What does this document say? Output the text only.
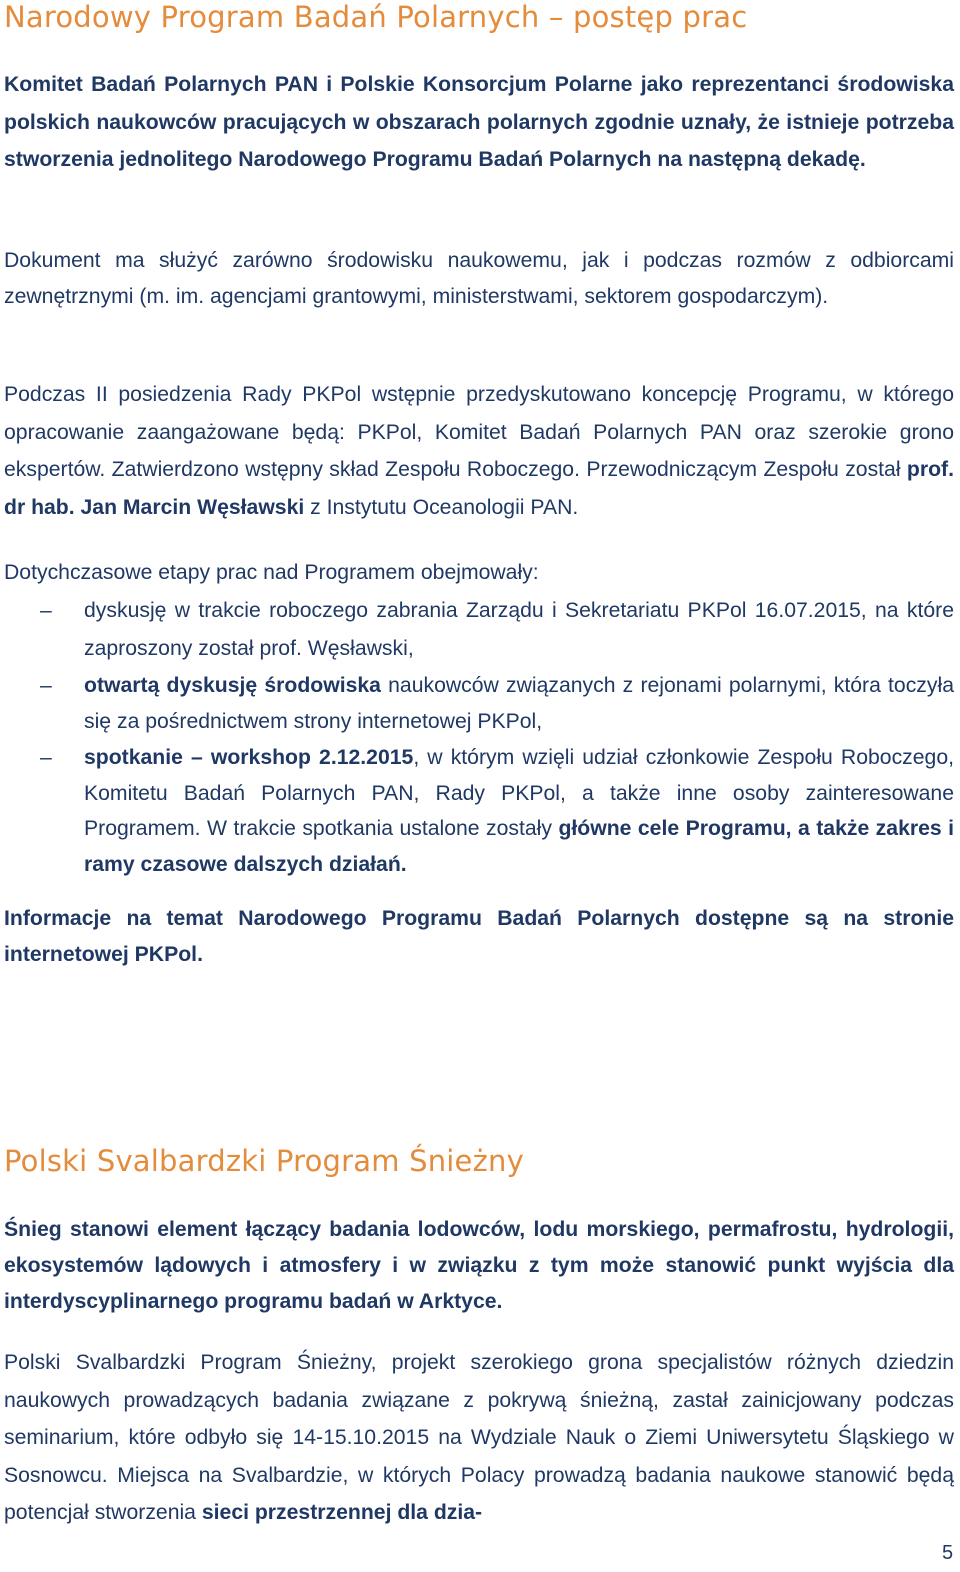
Narodowy Program Badań Polarnych – postęp prac

Komitet Badań Polarnych PAN i Polskie Konsorcjum Polarne jako reprezentanci środowiska polskich naukowców pracujących w obszarach polarnych zgodnie uznały, że istnieje potrzeba stworzenia jednolitego Narodowego Programu Badań Polarnych na następną dekadę.

Dokument ma służyć zarówno środowisku naukowemu, jak i podczas rozmów z odbiorcami zewnętrznymi (m. im. agencjami grantowymi, ministerstwami, sektorem gospodarczym).

Podczas II posiedzenia Rady PKPol wstępnie przedyskutowano koncepcję Programu, w którego opracowanie zaangażowane będą: PKPol, Komitet Badań Polarnych PAN oraz szerokie grono ekspertów. Zatwierdzono wstępny skład Zespołu Roboczego. Przewodniczącym Zespołu został prof. dr hab. Jan Marcin Węsławski z Instytutu Oceanologii PAN.

Dotychczasowe etapy prac nad Programem obejmowały:

– dyskusję w trakcie roboczego zabrania Zarządu i Sekretariatu PKPol 16.07.2015, na które zaproszony został prof. Węsławski,
– otwartą dyskusję środowiska naukowców związanych z rejonami polarnymi, która toczyła się za pośrednictwem strony internetowej PKPol,
– spotkanie – workshop 2.12.2015, w którym wzięli udział członkowie Zespołu Roboczego, Komitetu Badań Polarnych PAN, Rady PKPol, a także inne osoby zainteresowane Programem. W trakcie spotkania ustalone zostały główne cele Programu, a także zakres i ramy czasowe dalszych działań.

Informacje na temat Narodowego Programu Badań Polarnych dostępne są na stronie internetowej PKPol.

Polski Svalbardzki Program Śnieżny

Śnieg stanowi element łączący badania lodowców, lodu morskiego, permafrostu, hydrologii, ekosystemów lądowych i atmosfery i w związku z tym może stanowić punkt wyjścia dla interdyscyplinarnego programu badań w Arktyce.

Polski Svalbardzki Program Śnieżny, projekt szerokiego grona specjalistów różnych dziedzin naukowych prowadzących badania związane z pokrywą śnieżną, zastał zainicjowany podczas seminarium, które odbyło się 14-15.10.2015 na Wydziale Nauk o Ziemi Uniwersytetu Śląskiego w Sosnowcu. Miejsca na Svalbardzie, w których Polacy prowadzą badania naukowe stanowić będą potencjał stworzenia sieci przestrzennej dla dzia-

5
